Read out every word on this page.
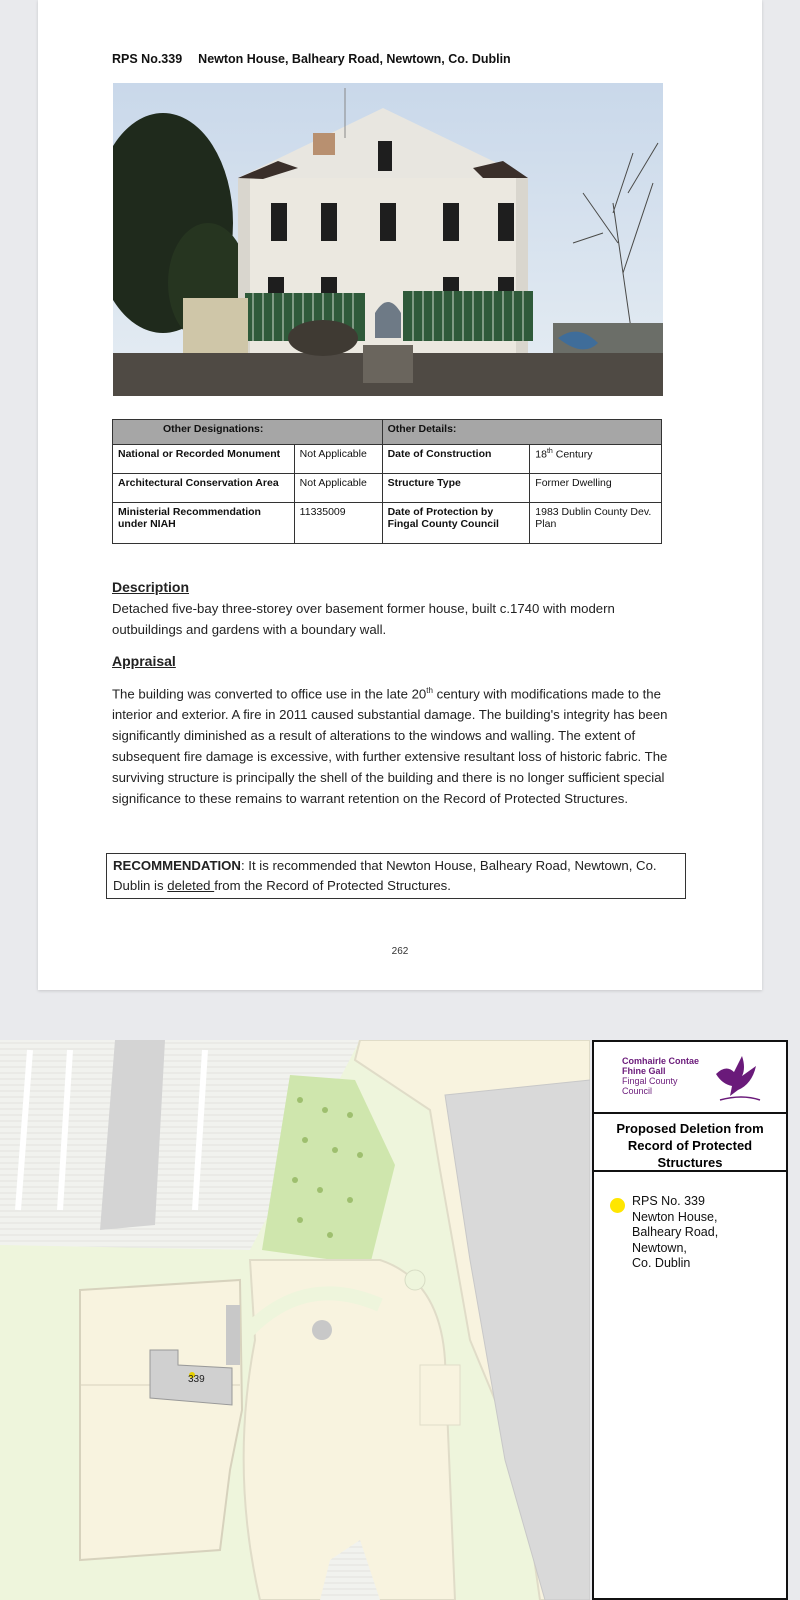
RPS No.339 Newton House, Balheary Road, Newtown, Co. Dublin
Other Designations:		Other Details:	
National or Recorded Monument	Not Applicable	Date of Construction	18th Century
Architectural Conservation Area	Not Applicable	Structure Type	Former Dwelling
Ministerial Recommendation under NIAH	11335009	Date of Protection by Fingal County Council	1983 Dublin County Dev. Plan
Description
Detached five-bay three-storey over basement former house, built c.1740 with modern outbuildings and gardens with a boundary wall.
Appraisal
The building was converted to office use in the late 20th century with modifications made to the interior and exterior. A fire in 2011 caused substantial damage. The building's integrity has been significantly diminished as a result of alterations to the windows and walling. The extent of subsequent fire damage is excessive, with further extensive resultant loss of historic fabric. The surviving structure is principally the shell of the building and there is no longer sufficient special significance to these remains to warrant retention on the Record of Protected Structures.
RECOMMENDATION: It is recommended that Newton House, Balheary Road, Newtown, Co. Dublin is deleted from the Record of Protected Structures.
262
339
Comhairle Contae
Fhine Gall
Fingal County
Council
Proposed Deletion from
Record of Protected
Structures
RPS No. 339
Newton House,
Balheary Road,
Newtown,
Co. Dublin
